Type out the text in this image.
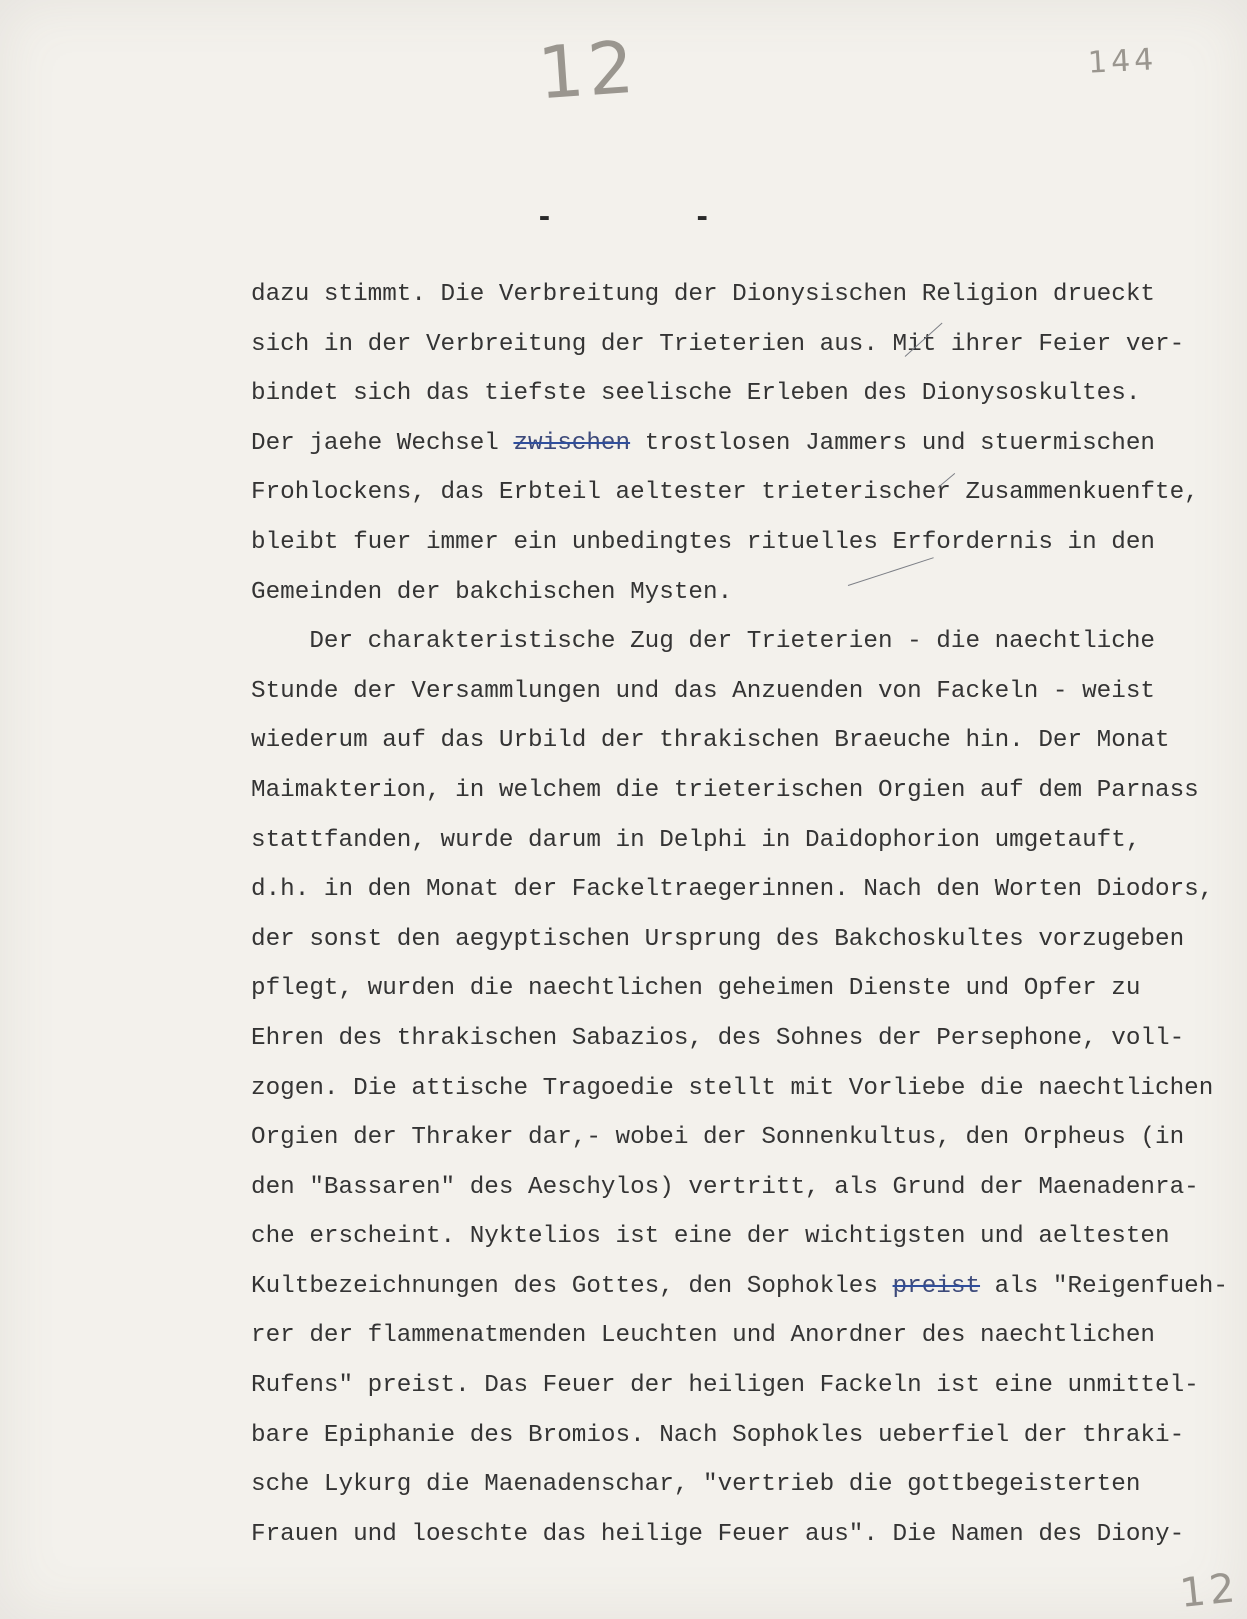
12	144
12
- -
dazu stimmt. Die Verbreitung der Dionysischen Religion drueckt
sich in der Verbreitung der Trieterien aus. Mit ihrer Feier ver-
bindet sich das tiefste seelische Erleben des Dionysoskultes.
Der jaehe Wechsel zwischen trostlosen Jammers und stuermischen
Frohlockens, das Erbteil aeltester trieterischer Zusammenkuenfte,
bleibt fuer immer ein unbedingtes rituelles Erfordernis in den
Gemeinden der bakchischen Mysten.
Der charakteristische Zug der Trieterien - die naechtliche
Stunde der Versammlungen und das Anzuenden von Fackeln - weist
wiederum auf das Urbild der thrakischen Braeuche hin. Der Monat
Maimakterion, in welchem die trieterischen Orgien auf dem Parnass
stattfanden, wurde darum in Delphi in Daidophorion umgetauft,
d.h. in den Monat der Fackeltraegerinnen. Nach den Worten Diodors,
der sonst den aegyptischen Ursprung des Bakchoskultes vorzugeben
pflegt, wurden die naechtlichen geheimen Dienste und Opfer zu
Ehren des thrakischen Sabazios, des Sohnes der Persephone, voll-
zogen. Die attische Tragoedie stellt mit Vorliebe die naechtlichen
Orgien der Thraker dar,- wobei der Sonnenkultus, den Orpheus (in
den "Bassaren" des Aeschylos) vertritt, als Grund der Maenadenra-
che erscheint. Nyktelios ist eine der wichtigsten und aeltesten
Kultbezeichnungen des Gottes, den Sophokles preist als "Reigenfueh-
rer der flammenatmenden Leuchten und Anordner des naechtlichen
Rufens" preist. Das Feuer der heiligen Fackeln ist eine unmittel-
bare Epiphanie des Bromios. Nach Sophokles ueberfiel der thraki-
sche Lykurg die Maenadenschar, "vertrieb die gottbegeisterten
Frauen und loeschte das heilige Feuer aus". Die Namen des Diony-
